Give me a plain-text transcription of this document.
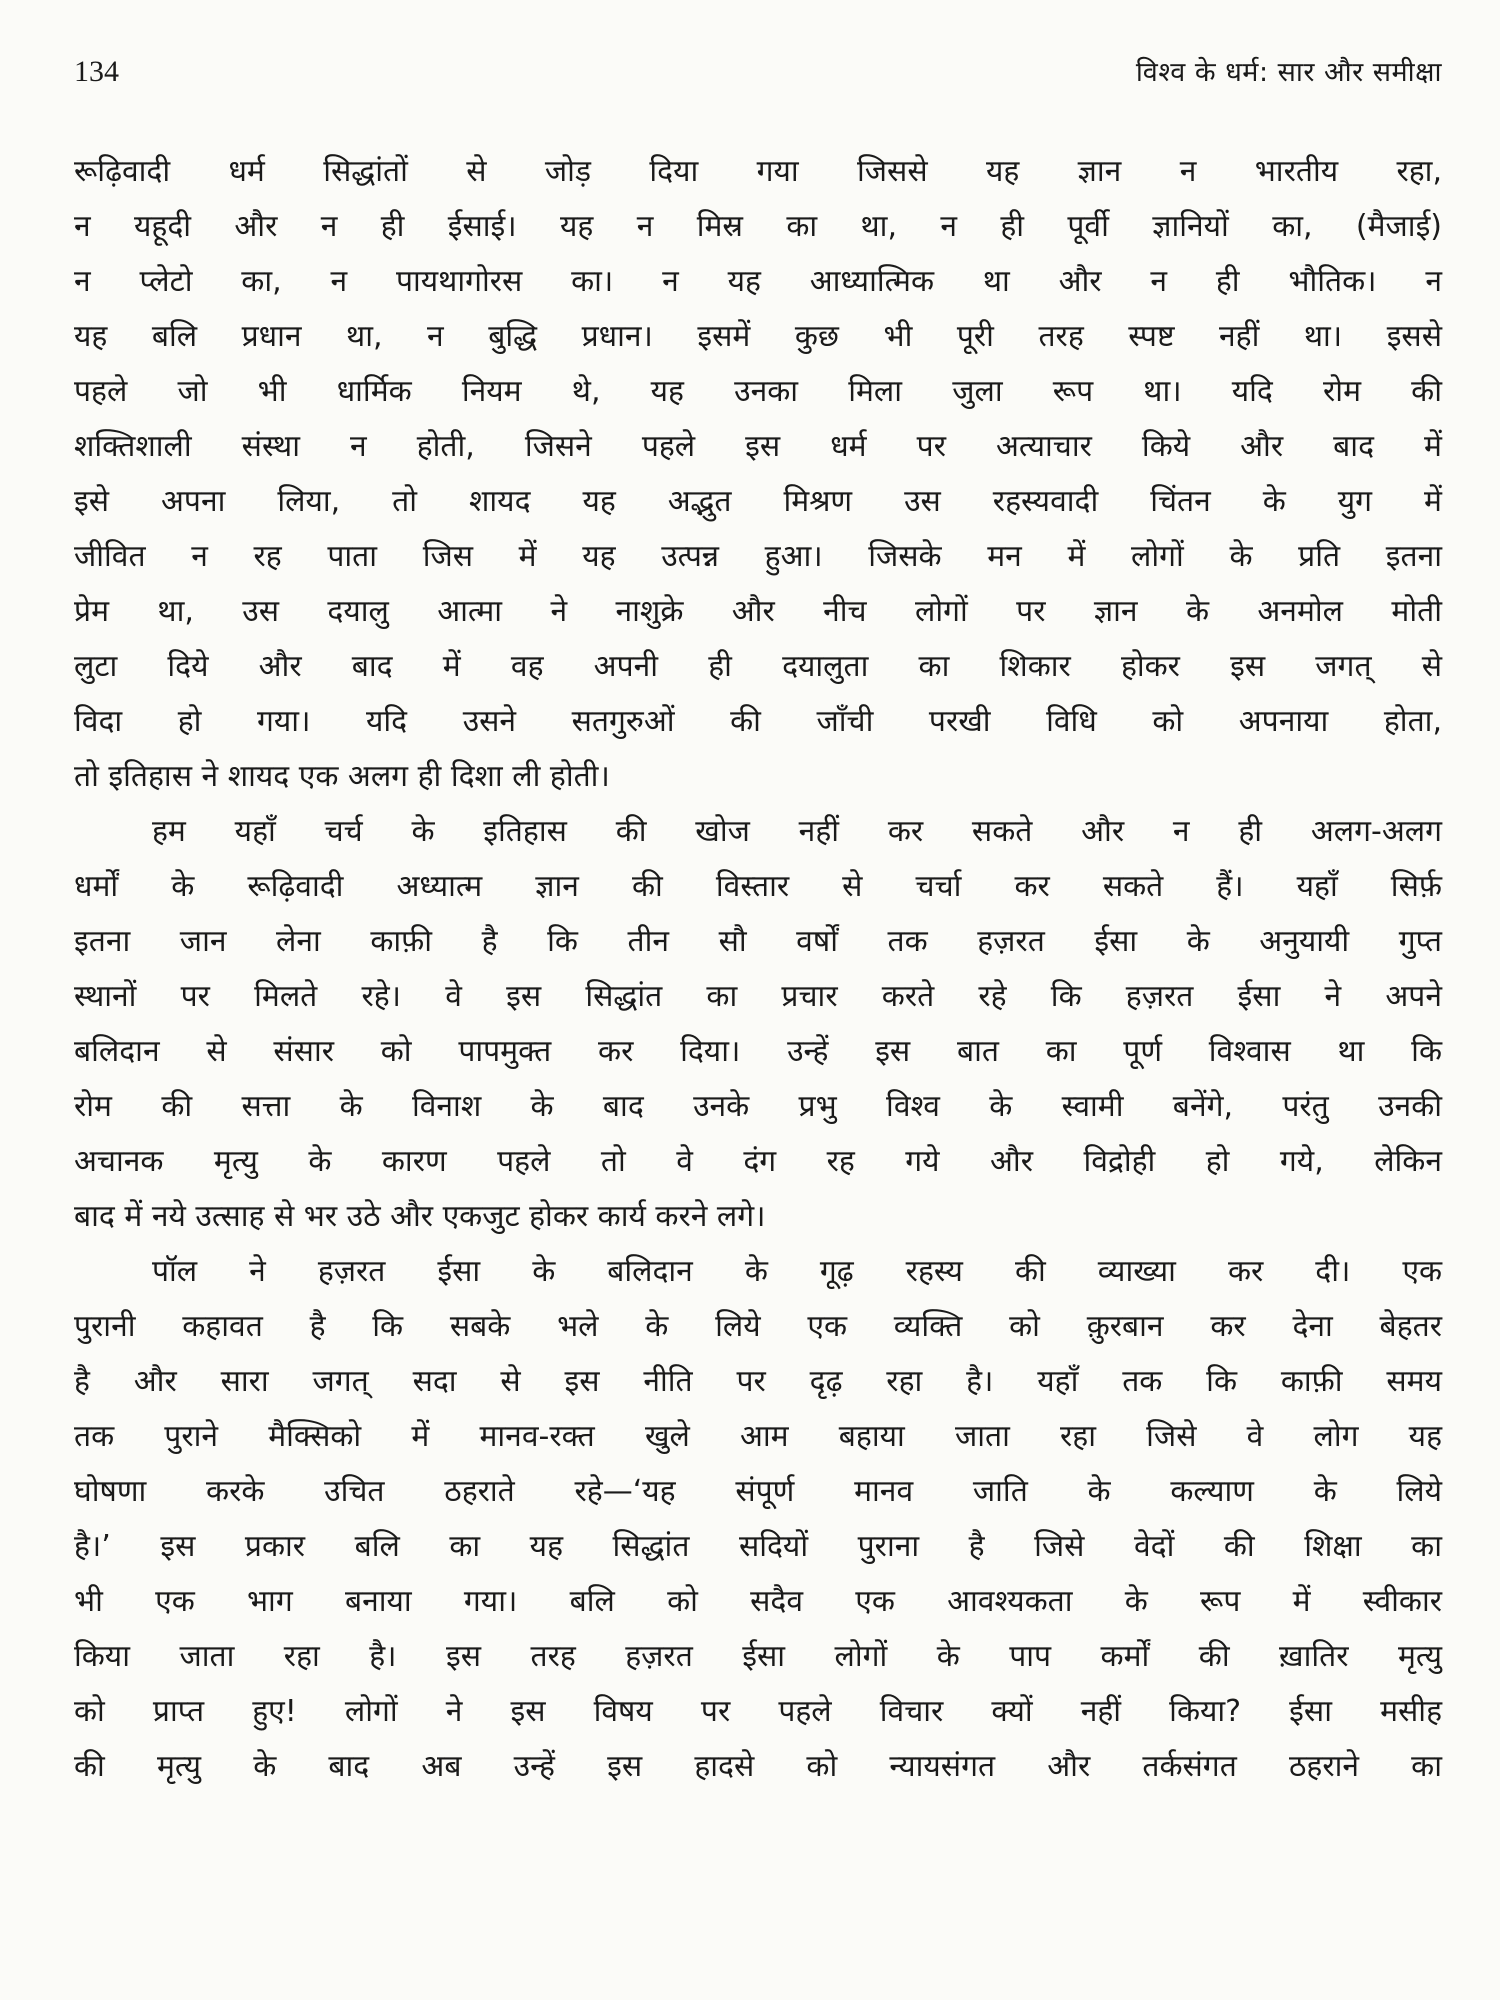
134	विश्व के धर्म: सार और समीक्षा
रूढ़िवादी धर्म सिद्धांतों से जोड़ दिया गया जिससे यह ज्ञान न भारतीय रहा,
न यहूदी और न ही ईसाई। यह न मिस्र का था, न ही पूर्वी ज्ञानियों का, (मैजाई)
न प्लेटो का, न पायथागोरस का। न यह आध्यात्मिक था और न ही भौतिक। न
यह बलि प्रधान था, न बुद्धि प्रधान। इसमें कुछ भी पूरी तरह स्पष्ट नहीं था। इससे
पहले जो भी धार्मिक नियम थे, यह उनका मिला जुला रूप था। यदि रोम की
शक्तिशाली संस्था न होती, जिसने पहले इस धर्म पर अत्याचार किये और बाद में
इसे अपना लिया, तो शायद यह अद्भुत मिश्रण उस रहस्यवादी चिंतन के युग में
जीवित न रह पाता जिस में यह उत्पन्न हुआ। जिसके मन में लोगों के प्रति इतना
प्रेम था, उस दयालु आत्मा ने नाशुक्रे और नीच लोगों पर ज्ञान के अनमोल मोती
लुटा दिये और बाद में वह अपनी ही दयालुता का शिकार होकर इस जगत् से
विदा हो गया। यदि उसने सतगुरुओं की जाँची परखी विधि को अपनाया होता,
तो इतिहास ने शायद एक अलग ही दिशा ली होती।
हम यहाँ चर्च के इतिहास की खोज नहीं कर सकते और न ही अलग-अलग
धर्मों के रूढ़िवादी अध्यात्म ज्ञान की विस्तार से चर्चा कर सकते हैं। यहाँ सिर्फ़
इतना जान लेना काफ़ी है कि तीन सौ वर्षों तक हज़रत ईसा के अनुयायी गुप्त
स्थानों पर मिलते रहे। वे इस सिद्धांत का प्रचार करते रहे कि हज़रत ईसा ने अपने
बलिदान से संसार को पापमुक्त कर दिया। उन्हें इस बात का पूर्ण विश्वास था कि
रोम की सत्ता के विनाश के बाद उनके प्रभु विश्व के स्वामी बनेंगे, परंतु उनकी
अचानक मृत्यु के कारण पहले तो वे दंग रह गये और विद्रोही हो गये, लेकिन
बाद में नये उत्साह से भर उठे और एकजुट होकर कार्य करने लगे।
पॉल ने हज़रत ईसा के बलिदान के गूढ़ रहस्य की व्याख्या कर दी। एक
पुरानी कहावत है कि सबके भले के लिये एक व्यक्ति को क़ुरबान कर देना बेहतर
है और सारा जगत् सदा से इस नीति पर दृढ़ रहा है। यहाँ तक कि काफ़ी समय
तक पुराने मैक्सिको में मानव-रक्त खुले आम बहाया जाता रहा जिसे वे लोग यह
घोषणा करके उचित ठहराते रहे—‘यह संपूर्ण मानव जाति के कल्याण के लिये
है।’ इस प्रकार बलि का यह सिद्धांत सदियों पुराना है जिसे वेदों की शिक्षा का
भी एक भाग बनाया गया। बलि को सदैव एक आवश्यकता के रूप में स्वीकार
किया जाता रहा है। इस तरह हज़रत ईसा लोगों के पाप कर्मों की ख़ातिर मृत्यु
को प्राप्त हुए! लोगों ने इस विषय पर पहले विचार क्यों नहीं किया? ईसा मसीह
की मृत्यु के बाद अब उन्हें इस हादसे को न्यायसंगत और तर्कसंगत ठहराने का
